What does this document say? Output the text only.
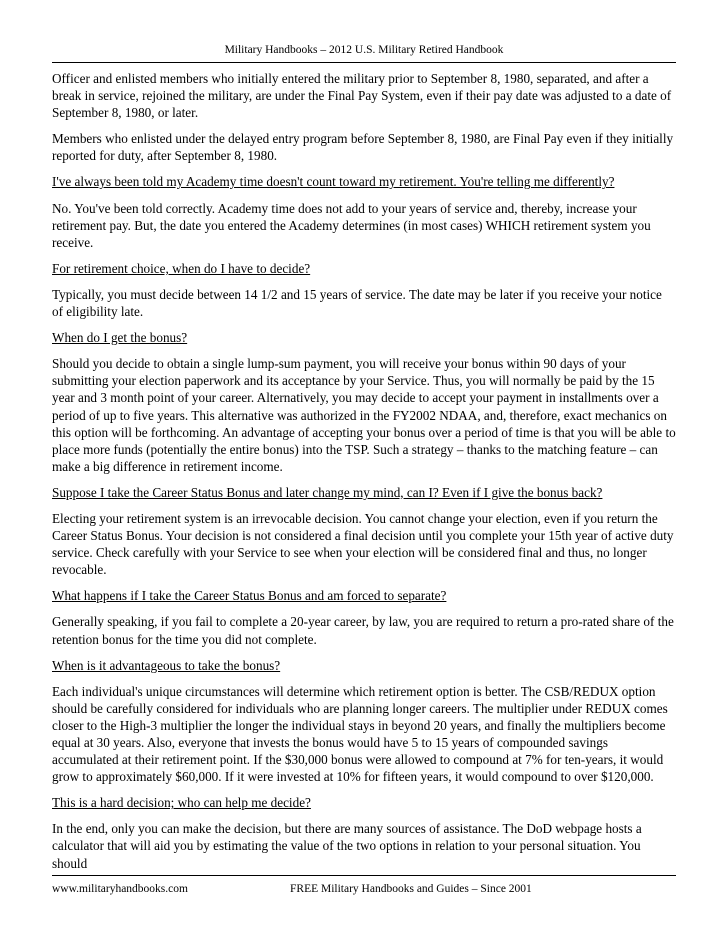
Military Handbooks – 2012 U.S. Military Retired Handbook

Officer and enlisted members who initially entered the military prior to September 8, 1980, separated, and after a break in service, rejoined the military, are under the Final Pay System, even if their pay date was adjusted to a date of September 8, 1980, or later.

Members who enlisted under the delayed entry program before September 8, 1980, are Final Pay even if they initially reported for duty, after September 8, 1980.

I've always been told my Academy time doesn't count toward my retirement. You're telling me differently?

No. You've been told correctly. Academy time does not add to your years of service and, thereby, increase your retirement pay. But, the date you entered the Academy determines (in most cases) WHICH retirement system you receive.

For retirement choice, when do I have to decide?

Typically, you must decide between 14 1/2 and 15 years of service. The date may be later if you receive your notice of eligibility late.

When do I get the bonus?

Should you decide to obtain a single lump-sum payment, you will receive your bonus within 90 days of your submitting your election paperwork and its acceptance by your Service. Thus, you will normally be paid by the 15 year and 3 month point of your career. Alternatively, you may decide to accept your payment in installments over a period of up to five years. This alternative was authorized in the FY2002 NDAA, and, therefore, exact mechanics on this option will be forthcoming. An advantage of accepting your bonus over a period of time is that you will be able to place more funds (potentially the entire bonus) into the TSP. Such a strategy – thanks to the matching feature – can make a big difference in retirement income.

Suppose I take the Career Status Bonus and later change my mind, can I? Even if I give the bonus back?

Electing your retirement system is an irrevocable decision. You cannot change your election, even if you return the Career Status Bonus. Your decision is not considered a final decision until you complete your 15th year of active duty service. Check carefully with your Service to see when your election will be considered final and thus, no longer revocable.

What happens if I take the Career Status Bonus and am forced to separate?

Generally speaking, if you fail to complete a 20-year career, by law, you are required to return a pro-rated share of the retention bonus for the time you did not complete.

When is it advantageous to take the bonus?

Each individual's unique circumstances will determine which retirement option is better. The CSB/REDUX option should be carefully considered for individuals who are planning longer careers. The multiplier under REDUX comes closer to the High-3 multiplier the longer the individual stays in beyond 20 years, and finally the multipliers become equal at 30 years. Also, everyone that invests the bonus would have 5 to 15 years of compounded savings accumulated at their retirement point. If the $30,000 bonus were allowed to compound at 7% for ten-years, it would grow to approximately $60,000. If it were invested at 10% for fifteen years, it would compound to over $120,000.

This is a hard decision; who can help me decide?

In the end, only you can make the decision, but there are many sources of assistance. The DoD webpage hosts a calculator that will aid you by estimating the value of the two options in relation to your personal situation. You should

www.militaryhandbooks.com	FREE Military Handbooks and Guides – Since 2001
